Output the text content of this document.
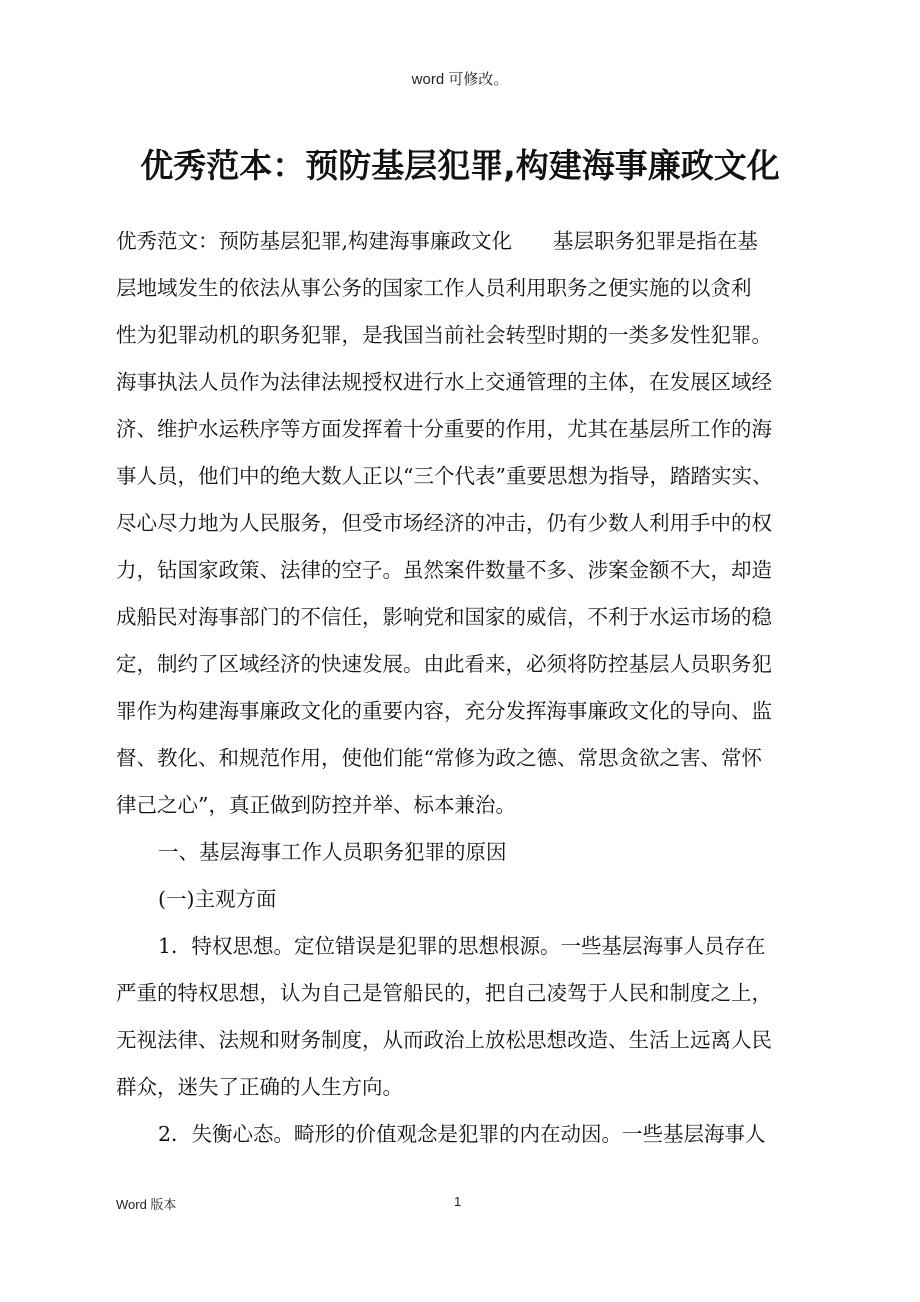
word 可修改。
优秀范本：预防基层犯罪,构建海事廉政文化
优秀范文：预防基层犯罪,构建海事廉政文化　　基层职务犯罪是指在基
层地域发生的依法从事公务的国家工作人员利用职务之便实施的以贪利
性为犯罪动机的职务犯罪，是我国当前社会转型时期的一类多发性犯罪。
海事执法人员作为法律法规授权进行水上交通管理的主体，在发展区域经
济、维护水运秩序等方面发挥着十分重要的作用，尤其在基层所工作的海
事人员，他们中的绝大数人正以“三个代表”重要思想为指导，踏踏实实、
尽心尽力地为人民服务，但受市场经济的冲击，仍有少数人利用手中的权
力，钻国家政策、法律的空子。虽然案件数量不多、涉案金额不大，却造
成船民对海事部门的不信任，影响党和国家的威信，不利于水运市场的稳
定，制约了区域经济的快速发展。由此看来，必须将防控基层人员职务犯
罪作为构建海事廉政文化的重要内容，充分发挥海事廉政文化的导向、监
督、教化、和规范作用，使他们能“常修为政之德、常思贪欲之害、常怀
律己之心”，真正做到防控并举、标本兼治。
一、基层海事工作人员职务犯罪的原因
(一)主观方面
1．特权思想。定位错误是犯罪的思想根源。一些基层海事人员存在
严重的特权思想，认为自己是管船民的，把自己凌驾于人民和制度之上，
无视法律、法规和财务制度，从而政治上放松思想改造、生活上远离人民
群众，迷失了正确的人生方向。
2．失衡心态。畸形的价值观念是犯罪的内在动因。一些基层海事人
Word 版本	1
